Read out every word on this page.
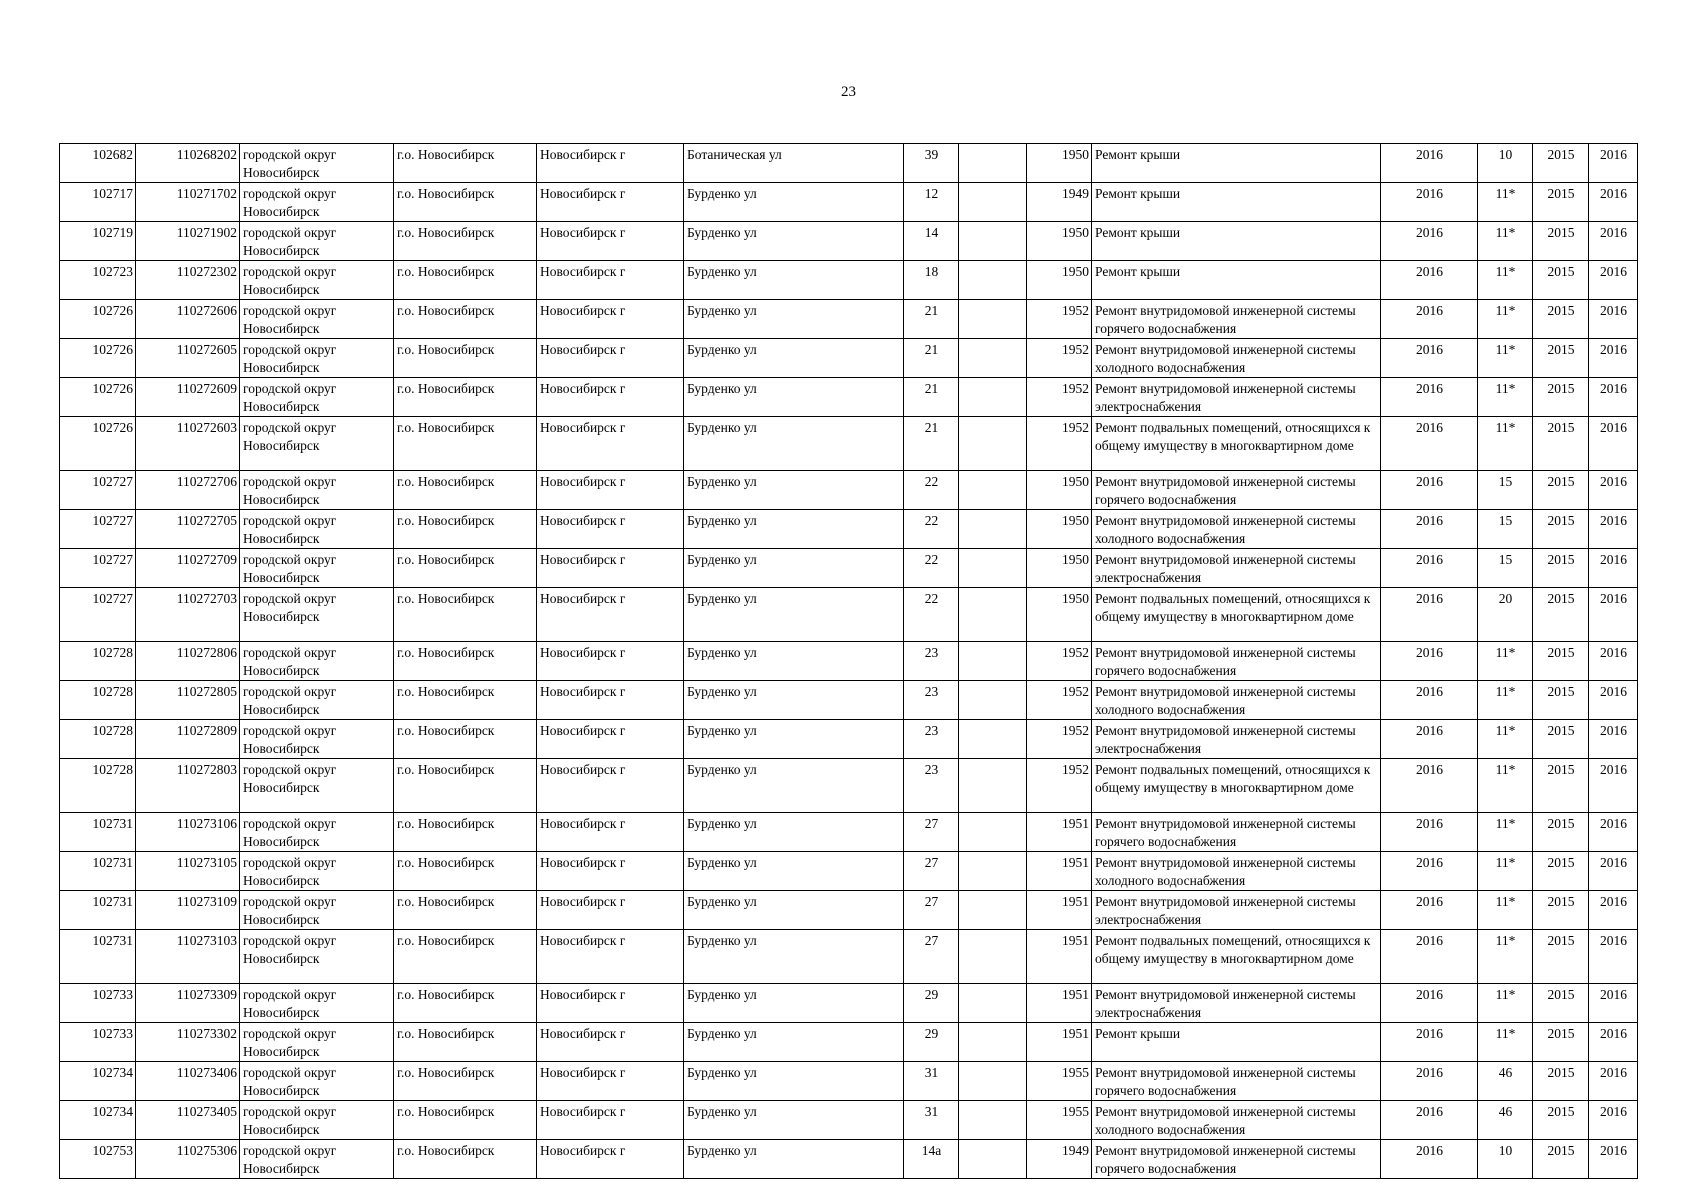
23
102682	110268202	городской округ Новосибирск	г.о. Новосибирск	Новосибирск г	Ботаническая ул	39		1950	Ремонт крыши	2016	10	2015	2016
102717	110271702	городской округ Новосибирск	г.о. Новосибирск	Новосибирск г	Бурденко ул	12		1949	Ремонт крыши	2016	11*	2015	2016
102719	110271902	городской округ Новосибирск	г.о. Новосибирск	Новосибирск г	Бурденко ул	14		1950	Ремонт крыши	2016	11*	2015	2016
102723	110272302	городской округ Новосибирск	г.о. Новосибирск	Новосибирск г	Бурденко ул	18		1950	Ремонт крыши	2016	11*	2015	2016
102726	110272606	городской округ Новосибирск	г.о. Новосибирск	Новосибирск г	Бурденко ул	21		1952	Ремонт внутридомовой инженерной системы горячего водоснабжения	2016	11*	2015	2016
102726	110272605	городской округ Новосибирск	г.о. Новосибирск	Новосибирск г	Бурденко ул	21		1952	Ремонт внутридомовой инженерной системы холодного водоснабжения	2016	11*	2015	2016
102726	110272609	городской округ Новосибирск	г.о. Новосибирск	Новосибирск г	Бурденко ул	21		1952	Ремонт внутридомовой инженерной системы электроснабжения	2016	11*	2015	2016
102726	110272603	городской округ Новосибирск	г.о. Новосибирск	Новосибирск г	Бурденко ул	21		1952	Ремонт подвальных помещений, относящихся к общему имуществу в многоквартирном доме	2016	11*	2015	2016
102727	110272706	городской округ Новосибирск	г.о. Новосибирск	Новосибирск г	Бурденко ул	22		1950	Ремонт внутридомовой инженерной системы горячего водоснабжения	2016	15	2015	2016
102727	110272705	городской округ Новосибирск	г.о. Новосибирск	Новосибирск г	Бурденко ул	22		1950	Ремонт внутридомовой инженерной системы холодного водоснабжения	2016	15	2015	2016
102727	110272709	городской округ Новосибирск	г.о. Новосибирск	Новосибирск г	Бурденко ул	22		1950	Ремонт внутридомовой инженерной системы электроснабжения	2016	15	2015	2016
102727	110272703	городской округ Новосибирск	г.о. Новосибирск	Новосибирск г	Бурденко ул	22		1950	Ремонт подвальных помещений, относящихся к общему имуществу в многоквартирном доме	2016	20	2015	2016
102728	110272806	городской округ Новосибирск	г.о. Новосибирск	Новосибирск г	Бурденко ул	23		1952	Ремонт внутридомовой инженерной системы горячего водоснабжения	2016	11*	2015	2016
102728	110272805	городской округ Новосибирск	г.о. Новосибирск	Новосибирск г	Бурденко ул	23		1952	Ремонт внутридомовой инженерной системы холодного водоснабжения	2016	11*	2015	2016
102728	110272809	городской округ Новосибирск	г.о. Новосибирск	Новосибирск г	Бурденко ул	23		1952	Ремонт внутридомовой инженерной системы электроснабжения	2016	11*	2015	2016
102728	110272803	городской округ Новосибирск	г.о. Новосибирск	Новосибирск г	Бурденко ул	23		1952	Ремонт подвальных помещений, относящихся к общему имуществу в многоквартирном доме	2016	11*	2015	2016
102731	110273106	городской округ Новосибирск	г.о. Новосибирск	Новосибирск г	Бурденко ул	27		1951	Ремонт внутридомовой инженерной системы горячего водоснабжения	2016	11*	2015	2016
102731	110273105	городской округ Новосибирск	г.о. Новосибирск	Новосибирск г	Бурденко ул	27		1951	Ремонт внутридомовой инженерной системы холодного водоснабжения	2016	11*	2015	2016
102731	110273109	городской округ Новосибирск	г.о. Новосибирск	Новосибирск г	Бурденко ул	27		1951	Ремонт внутридомовой инженерной системы электроснабжения	2016	11*	2015	2016
102731	110273103	городской округ Новосибирск	г.о. Новосибирск	Новосибирск г	Бурденко ул	27		1951	Ремонт подвальных помещений, относящихся к общему имуществу в многоквартирном доме	2016	11*	2015	2016
102733	110273309	городской округ Новосибирск	г.о. Новосибирск	Новосибирск г	Бурденко ул	29		1951	Ремонт внутридомовой инженерной системы электроснабжения	2016	11*	2015	2016
102733	110273302	городской округ Новосибирск	г.о. Новосибирск	Новосибирск г	Бурденко ул	29		1951	Ремонт крыши	2016	11*	2015	2016
102734	110273406	городской округ Новосибирск	г.о. Новосибирск	Новосибирск г	Бурденко ул	31		1955	Ремонт внутридомовой инженерной системы горячего водоснабжения	2016	46	2015	2016
102734	110273405	городской округ Новосибирск	г.о. Новосибирск	Новосибирск г	Бурденко ул	31		1955	Ремонт внутридомовой инженерной системы холодного водоснабжения	2016	46	2015	2016
102753	110275306	городской округ Новосибирск	г.о. Новосибирск	Новосибирск г	Бурденко ул	14а		1949	Ремонт внутридомовой инженерной системы горячего водоснабжения	2016	10	2015	2016
